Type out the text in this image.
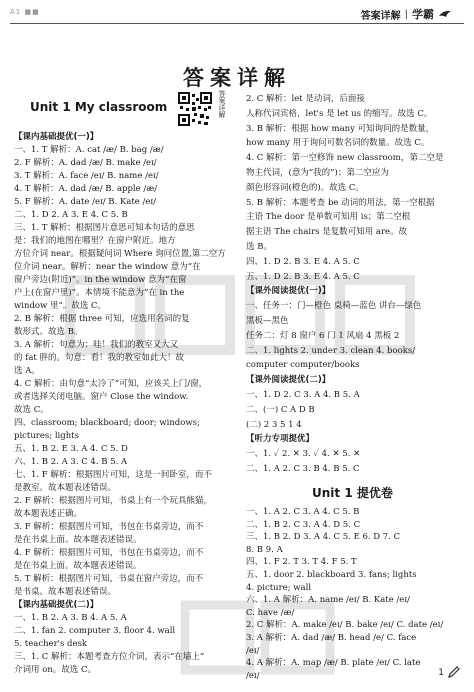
A1 ■■	答案详解 | 学霸
答案详解
Unit 1 My classroom	答案详解
【课内基础提优(一)】
一、1. T 解析：A. cat /æ/ B. bag /æ/
2. F 解析：A. dad /æ/ B. make /eɪ/
3. T 解析：A. face /eɪ/ B. name /eɪ/
4. T 解析：A. dad /æ/ B. apple /æ/
5. F 解析：A. date /eɪ/ B. Kate /eɪ/
二、1. D 2. A 3. E 4. C 5. B
三、1. T 解析：根据图片意思可知本句话的意思
是：我们的地图在哪里？在窗户附近。地方
方位介词 near。根据疑问词 Where 询问位置,第二空方
位介词 near。解析：near the window 意为“在
窗户旁边(附近)”。in the window 意为“在窗
户上(在窗户里)”。本情境不能意为“在 in the
window 里”。故选 C。
2. B 解析：根据 three 可知，应选用名词的复
数形式。故选 B。
3. A 解析：句意为：哇！我们的教室又大又
的 fat 胖的。句意：看！我的教室如此大！故
选 A。
4. C 解析：由句意“太冷了”可知，应该关上门/窗，
或者选择关闭电脑。窗户 Close the window.
故选 C。
四、classroom; blackboard; door; windows;
pictures; lights
五、1. B 2. E 3. A 4. C 5. D
六、1. B 2. A 3. C 4. B 5. A
七、1. F 解析：根据图片可知，这是一间卧室，而不
是教室。故本题表述错误。
2. F 解析：根据图片可知，书桌上有一个玩具熊猫，
故本题表述正确。
3. F 解析：根据图片可知，书包在书桌旁边，而不
是在书桌上面。故本题表述错误。
4. F 解析：根据图片可知，书包在书桌旁边，而不
是在书桌上面。故本题表述错误。
5. T 解析：根据图片可知，书桌在窗户旁边，而不
是书桌。故本题表述错误。
【课内基础提优(二)】
一、1. B 2. A 3. B 4. A 5. A
二、1. fan 2. computer 3. floor 4. wall
5. teacher's desk
三、1. C 解析：本题考查方位介词，表示“在墙上”
介词用 on。故选 C。
2. C 解析：let 是动词，后面接
人称代词宾格，let's 是 let us 的缩写。故选 C。
3. B 解析：根据 how many 可知询问的是数量，
how many 用于询问可数名词的数量。故选 C。
4. C 解析：第一空修饰 new classroom，第二空是
物主代词，(意为“我的”)；第二空应为
颜色形容词(橙色的)。故选 C。
5. B 解析：本题考查 be 动词的用法，第一空根据
主语 The door 是单数可知用 is；第二空根
据主语 The chairs 是复数可知用 are。故
选 B。
四、1. D 2. B 3. E 4. A 5. C
五、1. D 2. B 3. E 4. A 5. C
【课外阅读提优(一)】
一、任务一：门—橙色 桌椅—蓝色 讲台—绿色
黑板—黑色
任务二：灯 8 窗户 6 门 1 风扇 4 黑板 2
二、1. lights 2. under 3. clean 4. books/
computer computer/books
【课外阅读提优(二)】
一、1. D 2. C 3. A 4. B 5. A
二、(一) C A D B
(二) 2 3 5 1 4
【听力专项提优】
一、1. ✓ 2. ✕ 3. ✓ 4. ✕ 5. ✕
二、1. A 2. C 3. B 4. B 5. C
Unit 1 提优卷
一、1. A 2. C 3. A 4. C 5. B
二、1. B 2. C 3. A 4. D 5. C
三、1. B 2. D 3. A 4. C 5. E 6. D 7. C
8. B 9. A
四、1. F 2. T 3. T 4. F 5. T
五、1. door 2. blackboard 3. fans; lights
4. picture; wall
六、1. A 解析：A. name /eɪ/ B. Kate /eɪ/
C. have /æ/
2. C 解析：A. make /eɪ/ B. bake /eɪ/ C. date /eɪ/
3. A 解析：A. dad /æ/ B. head /e/ C. face
/eɪ/
4. A 解析：A. map /æ/ B. plate /eɪ/ C. late
/eɪ/	1
